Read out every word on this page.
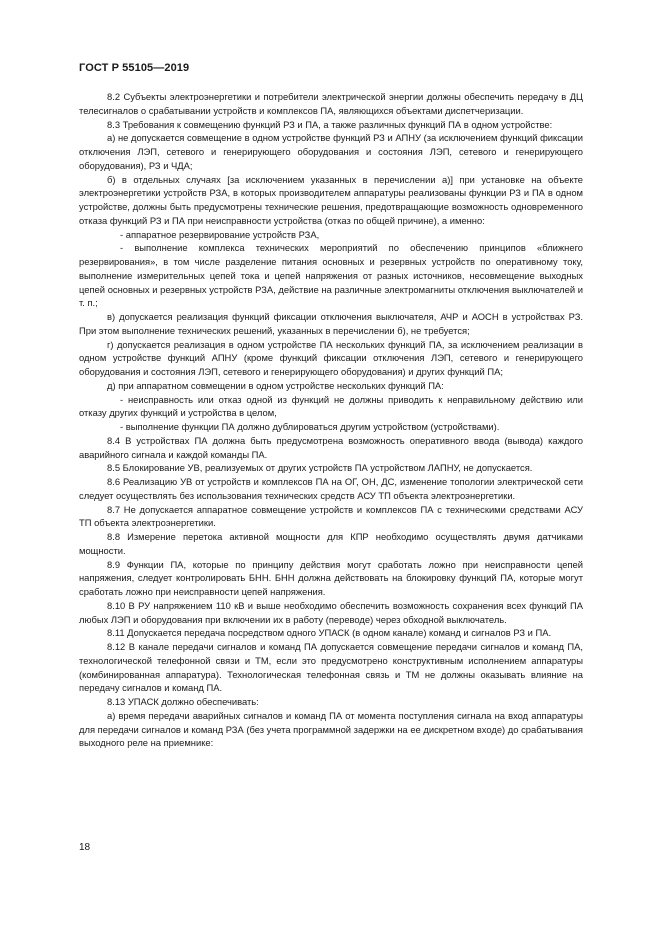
ГОСТ Р 55105—2019

8.2 Субъекты электроэнергетики и потребители электрической энергии должны обеспечить передачу в ДЦ телесигналов о срабатывании устройств и комплексов ПА, являющихся объектами диспетчеризации.

8.3 Требования к совмещению функций РЗ и ПА, а также различных функций ПА в одном устройстве:

а) не допускается совмещение в одном устройстве функций РЗ и АПНУ (за исключением функций фиксации отключения ЛЭП, сетевого и генерирующего оборудования и состояния ЛЭП, сетевого и генерирующего оборудования), РЗ и ЧДА;

б) в отдельных случаях [за исключением указанных в перечислении а)] при установке на объекте электроэнергетики устройств РЗА, в которых производителем аппаратуры реализованы функции РЗ и ПА в одном устройстве, должны быть предусмотрены технические решения, предотвращающие возможность одновременного отказа функций РЗ и ПА при неисправности устройства (отказ по общей причине), а именно:

- аппаратное резервирование устройств РЗА,

- выполнение комплекса технических мероприятий по обеспечению принципов «ближнего резервирования», в том числе разделение питания основных и резервных устройств по оперативному току, выполнение измерительных цепей тока и цепей напряжения от разных источников, несовмещение выходных цепей основных и резервных устройств РЗА, действие на различные электромагниты отключения выключателей и т. п.;

в) допускается реализация функций фиксации отключения выключателя, АЧР и АОСН в устройствах РЗ. При этом выполнение технических решений, указанных в перечислении б), не требуется;

г) допускается реализация в одном устройстве ПА нескольких функций ПА, за исключением реализации в одном устройстве функций АПНУ (кроме функций фиксации отключения ЛЭП, сетевого и генерирующего оборудования и состояния ЛЭП, сетевого и генерирующего оборудования) и других функций ПА;

д) при аппаратном совмещении в одном устройстве нескольких функций ПА:

- неисправность или отказ одной из функций не должны приводить к неправильному действию или отказу других функций и устройства в целом,

- выполнение функции ПА должно дублироваться другим устройством (устройствами).

8.4 В устройствах ПА должна быть предусмотрена возможность оперативного ввода (вывода) каждого аварийного сигнала и каждой команды ПА.

8.5 Блокирование УВ, реализуемых от других устройств ПА устройством ЛАПНУ, не допускается.

8.6 Реализацию УВ от устройств и комплексов ПА на ОГ, ОН, ДС, изменение топологии электрической сети следует осуществлять без использования технических средств АСУ ТП объекта электроэнергетики.

8.7 Не допускается аппаратное совмещение устройств и комплексов ПА с техническими средствами АСУ ТП объекта электроэнергетики.

8.8 Измерение перетока активной мощности для КПР необходимо осуществлять двумя датчиками мощности.

8.9 Функции ПА, которые по принципу действия могут сработать ложно при неисправности цепей напряжения, следует контролировать БНН. БНН должна действовать на блокировку функций ПА, которые могут сработать ложно при неисправности цепей напряжения.

8.10 В РУ напряжением 110 кВ и выше необходимо обеспечить возможность сохранения всех функций ПА любых ЛЭП и оборудования при включении их в работу (переводе) через обходной выключатель.

8.11 Допускается передача посредством одного УПАСК (в одном канале) команд и сигналов РЗ и ПА.

8.12 В канале передачи сигналов и команд ПА допускается совмещение передачи сигналов и команд ПА, технологической телефонной связи и ТМ, если это предусмотрено конструктивным исполнением аппаратуры (комбинированная аппаратура). Технологическая телефонная связь и ТМ не должны оказывать влияние на передачу сигналов и команд ПА.

8.13 УПАСК должно обеспечивать:

а) время передачи аварийных сигналов и команд ПА от момента поступления сигнала на вход аппаратуры для передачи сигналов и команд РЗА (без учета программной задержки на ее дискретном входе) до срабатывания выходного реле на приемнике:

18
